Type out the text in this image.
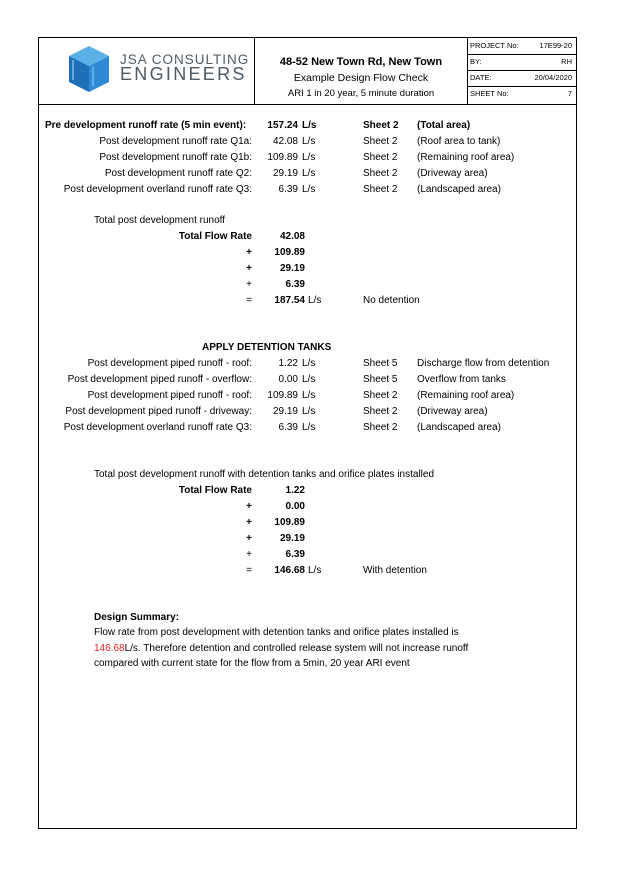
JSA CONSULTING
ENGINEERS
48-52 New Town Rd, New Town
Example Design Flow Check
ARI 1 in 20 year, 5 minute duration
PROJECT No:	17E99-20
BY:	RH
DATE:	20/04/2020
SHEET No:	7
Pre development runoff rate (5 min event):	157.24 L/s	Sheet 2 (Total area)
Post development runoff rate Q1a:	42.08 L/s	Sheet 2 (Roof area to tank)
Post development runoff rate Q1b:	109.89 L/s	Sheet 2 (Remaining roof area)
Post development runoff rate Q2:	29.19 L/s	Sheet 2 (Driveway area)
Post development overland runoff rate Q3:	6.39 L/s	Sheet 2 (Landscaped area)
Total post development runoff
Total Flow Rate	42.08
+	109.89
+	29.19
+	6.39
=	187.54 L/s	No detention
APPLY DETENTION TANKS
Post development piped runoff - roof:	1.22 L/s	Sheet 5 Discharge flow from detention
Post development piped runoff - overflow:	0.00 L/s	Sheet 5 Overflow from tanks
Post development piped runoff - roof:	109.89 L/s	Sheet 2 (Remaining roof area)
Post development piped runoff - driveway:	29.19 L/s	Sheet 2 (Driveway area)
Post development overland runoff rate Q3:	6.39 L/s	Sheet 2 (Landscaped area)
Total post development runoff with detention tanks and orifice plates installed
Total Flow Rate	1.22
+	0.00
+	109.89
+	29.19
+	6.39
=	146.68 L/s	With detention
Design Summary:
Flow rate from post development with detention tanks and orifice plates installed is 146.68L/s. Therefore detention and controlled release system will not increase runoff compared with current state for the flow from a 5min, 20 year ARI event
